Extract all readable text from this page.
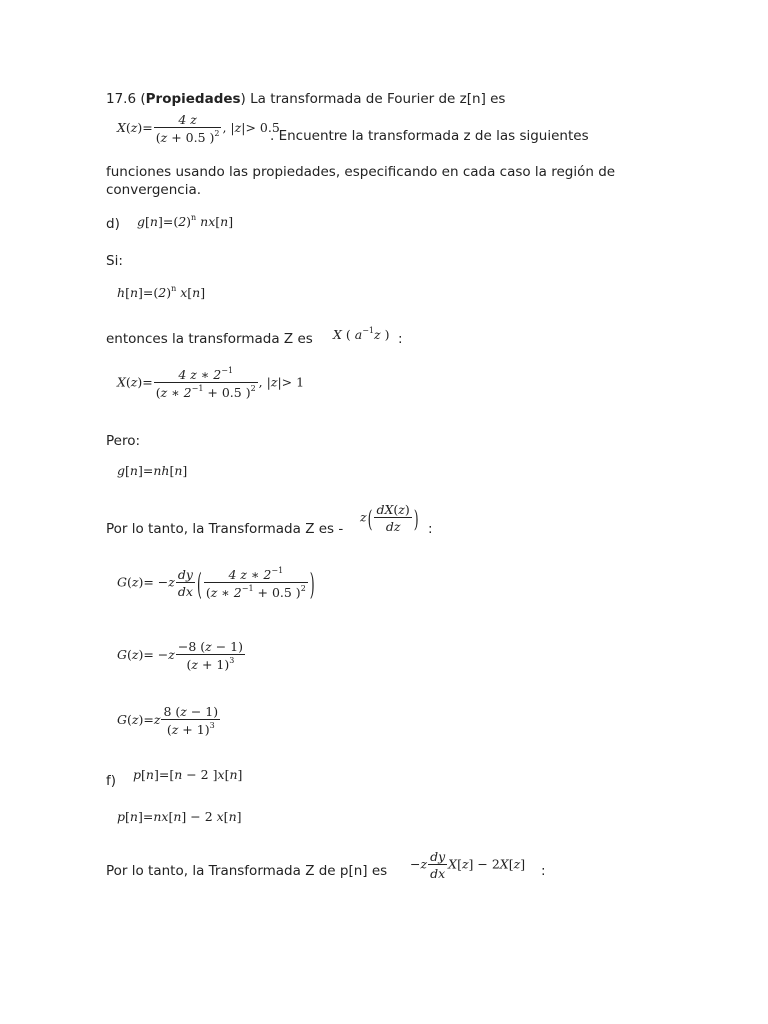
17.6 (Propiedades) La transformada de Fourier de z[n] es
$X(z)= \frac{4 z}{(z + 0.5 )^2}$ , |z|> 0.5
. Encuentre la transformada z de las siguientes
funciones usando las propiedades, especificando en cada caso la región de convergencia.
d) $g[n]=(2)^n$ nx[n]
Si:
$h[n]=(2)^n$ x[n]
entonces la transformada Z es X ( $a^{-1}z$ ) :
$X(z)= \frac{4 z ∗ 2^{-1}}{(z ∗ 2^{-1} + 0.5 )^2}$ , |z|> 1
Pero:
g[n]=nh[n]
Por lo tanto, la Transformada Z es -
$z( \frac{dX(z)}{dz}$ ) :
$G(z)= -z \frac{dy}{dx}$ ( $\frac{4 z ∗ 2^{-1}}{(z ∗ 2^{-1} + 0.5 )^2}$ )
$G(z)= -z \frac{-8 (z - 1)}{(z + 1)^3}$
$G(z)=z \frac{8 (z - 1)}{(z + 1)^3}$
f) p[n]=[n − 2 ]x[n]
p[n]=nx[n] − 2 x[n]
Por lo tanto, la Transformada Z de p[n] es $-z \frac{dy}{dx} X[z] - 2X[z]$ :
